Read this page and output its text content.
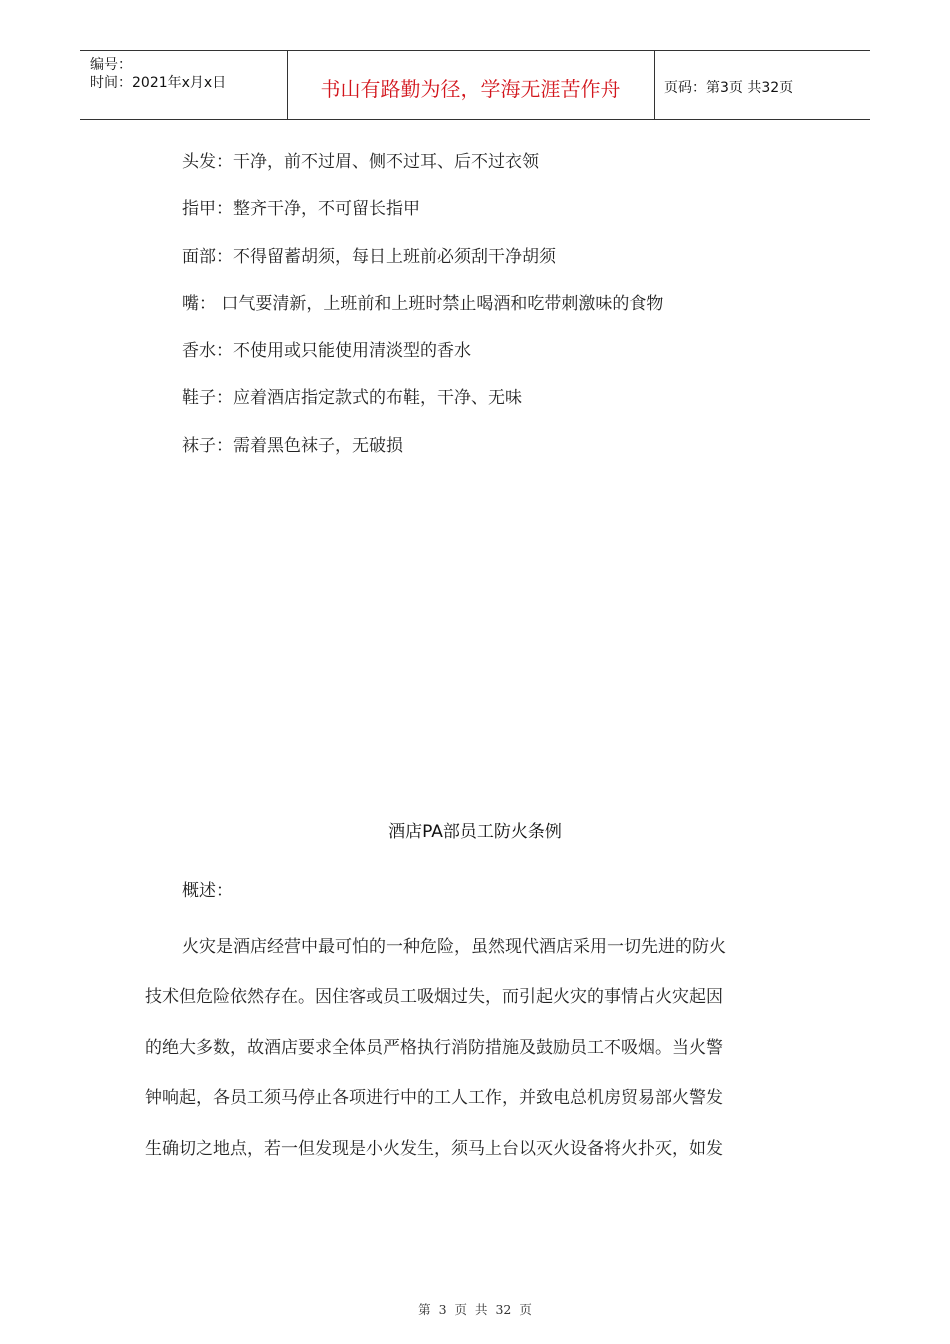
编号：
时间：2021年x月x日	书山有路勤为径，学海无涯苦作舟	页码：第3页 共32页
头发：干净，前不过眉、侧不过耳、后不过衣领
指甲：整齐干净，不可留长指甲
面部：不得留蓄胡须，每日上班前必须刮干净胡须
嘴： 口气要清新，上班前和上班时禁止喝酒和吃带刺激味的食物
香水：不使用或只能使用清淡型的香水
鞋子：应着酒店指定款式的布鞋，干净、无味
袜子：需着黑色袜子，无破损
酒店PA部员工防火条例
概述：
火灾是酒店经营中最可怕的一种危险，虽然现代酒店采用一切先进的防火
技术但危险依然存在。因住客或员工吸烟过失，而引起火灾的事情占火灾起因
的绝大多数，故酒店要求全体员严格执行消防措施及鼓励员工不吸烟。当火警
钟响起，各员工须马停止各项进行中的工人工作，并致电总机房贸易部火警发
生确切之地点，若一但发现是小火发生，须马上台以灭火设备将火扑灭，如发
第 3 页 共 32 页
